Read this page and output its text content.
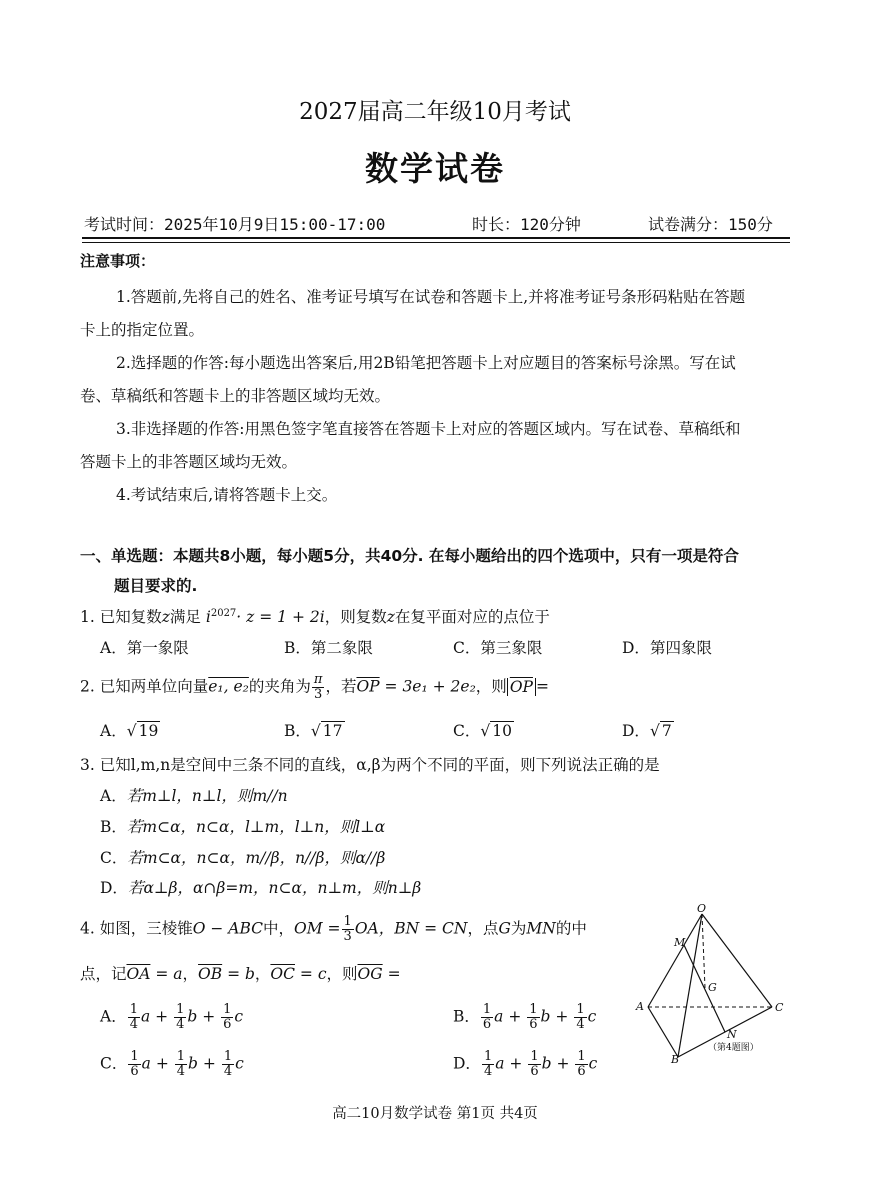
2027届高二年级10月考试
数学试卷
考试时间：2025年10月9日15:00-17:00	时长：120分钟	试卷满分：150分
注意事项：
1.答题前,先将自己的姓名、准考证号填写在试卷和答题卡上,并将准考证号条形码粘贴在答题
卡上的指定位置。
2.选择题的作答:每小题选出答案后,用2B铅笔把答题卡上对应题目的答案标号涂黑。写在试
卷、草稿纸和答题卡上的非答题区域均无效。
3.非选择题的作答:用黑色签字笔直接答在答题卡上对应的答题区域内。写在试卷、草稿纸和
答题卡上的非答题区域均无效。
4.考试结束后,请将答题卡上交。
一、单选题：本题共8小题，每小题5分，共40分. 在每小题给出的四个选项中，只有一项是符合
题目要求的.
1. 已知复数z满足 $i^{2027}\cdot z = 1 + 2i$，则复数z在复平面对应的点位于
A．第一象限	B．第二象限	C．第三象限	D．第四象限
2. 已知两单位向量e₁, e₂的夹角为 $\frac{\pi}{3}$ ，若$\overline{OP} = 3e_1 + 2e_2$，则 $\overline{OP}$ =
A．√ 19	B．√ 17	C．√ 10	D．√ 7
3. 已知l,m,n是空间中三条不同的直线，α,β为两个不同的平面，则下列说法正确的是
A．若m⊥l，n⊥l，则m//n
B．若m⊂α，n⊂α，l⊥m，l⊥n，则l⊥α
C．若m⊂α，n⊂α，m//β，n//β，则α//β
D．若α⊥β，α∩β=m，n⊂α，n⊥m，则n⊥β
4. 如图，三棱锥O − ABC中，OM = $\frac{1}{3}$ OA，BN = CN，点G为MN的中
点，记$\overline{OA} = a$，$\overline{OB} = b$，$\overline{OC} = c$，则$\overline{OG}$ =
A． $\frac{1}{4}$ $a + \frac{1}{4}$ $b + \frac{1}{6}$ c	B． $\frac{1}{6}$ $a + \frac{1}{6}$ $b + \frac{1}{4}$ c
C． $\frac{1}{6}$ $a + \frac{1}{4}$ $b + \frac{1}{4}$ c	D． $\frac{1}{4}$ $a + \frac{1}{6}$ $b + \frac{1}{6}$ c
O
M
G
A	C
N
B
（第4题图）
高二10月数学试卷 第1页 共4页
